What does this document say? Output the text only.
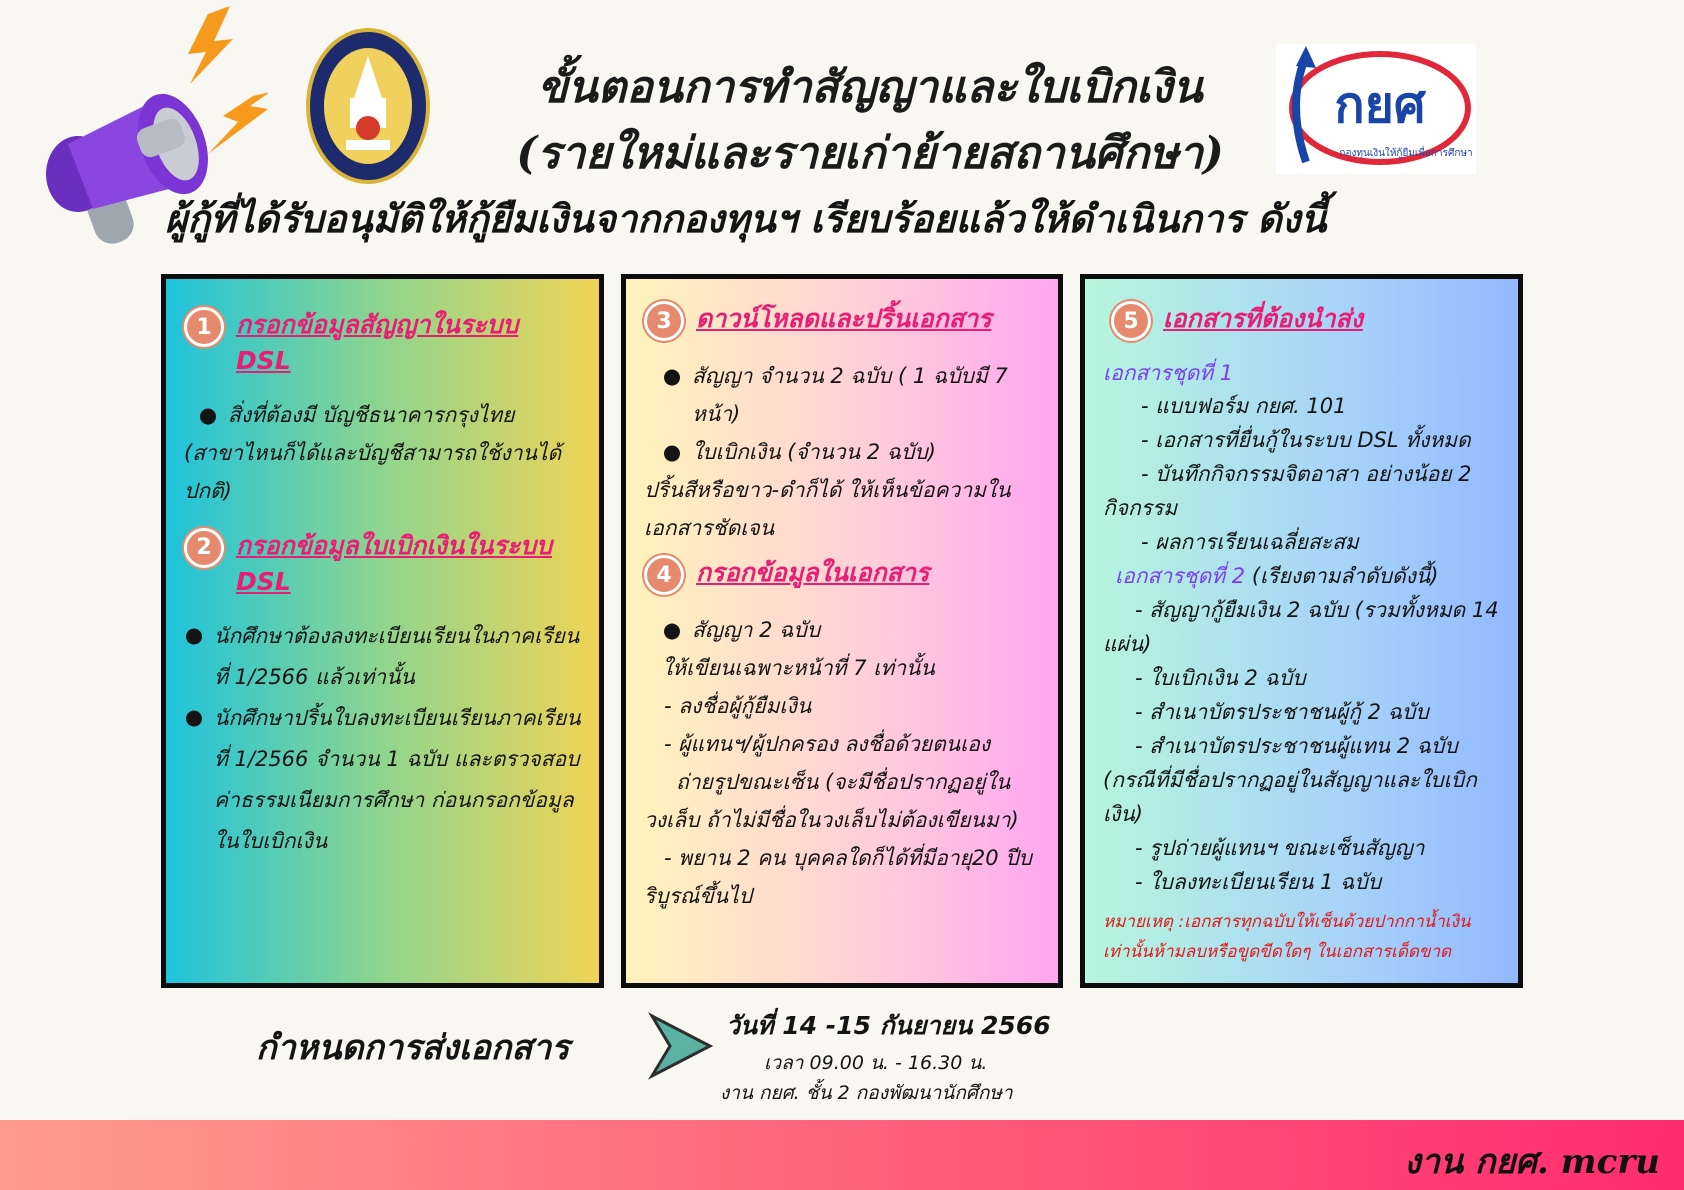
ขั้นตอนการทำสัญญาและใบเบิกเงิน
(รายใหม่และรายเก่าย้ายสถานศึกษา)
กยศ
กองทุนเงินให้กู้ยืมเพื่อการศึกษา
ผู้กู้ที่ได้รับอนุมัติให้กู้ยืมเงินจากกองทุนฯ เรียบร้อยแล้วให้ดำเนินการ ดังนี้
1 กรอกข้อมูลสัญญาในระบบ DSL
● สิ่งที่ต้องมี บัญชีธนาคารกรุงไทย

(สาขาไหนก็ได้และบัญชีสามารถใช้งานได้ปกติ)

2 กรอกข้อมูลใบเบิกเงินในระบบ DSL
● นักศึกษาต้องลงทะเบียนเรียนในภาคเรียนที่ 1/2566 แล้วเท่านั้น
● นักศึกษาปริ้นใบลงทะเบียนเรียนภาคเรียนที่ 1/2566 จำนวน 1 ฉบับ และตรวจสอบค่าธรรมเนียมการศึกษา ก่อนกรอกข้อมูลในใบเบิกเงิน
3 ดาวน์โหลดและปริ้นเอกสาร
● สัญญา จำนวน 2 ฉบับ ( 1 ฉบับมี 7 หน้า)
● ใบเบิกเงิน (จำนวน 2 ฉบับ)

ปริ้นสีหรือขาว-ดำก็ได้ ให้เห็นข้อความในเอกสารชัดเจน

4 กรอกข้อมูลในเอกสาร
● สัญญา 2 ฉบับ

ให้เขียนเฉพาะหน้าที่ 7 เท่านั้น

- ลงชื่อผู้กู้ยืมเงิน

- ผู้แทนฯ/ผู้ปกครอง ลงชื่อด้วยตนเอง

ถ่ายรูปขณะเซ็น (จะมีชื่อปรากฏอยู่ในวงเล็บ ถ้าไม่มีชื่อในวงเล็บไม่ต้องเขียนมา)

- พยาน 2 คน บุคคลใดก็ได้ที่มีอายุ20 ปีบริบูรณ์ขึ้นไป

5 เอกสารที่ต้องนำส่ง
เอกสารชุดที่ 1
- แบบฟอร์ม กยศ. 101
- เอกสารที่ยื่นกู้ในระบบ DSL ทั้งหมด
- บันทึกกิจกรรมจิตอาสา อย่างน้อย 2 กิจกรรม
- ผลการเรียนเฉลี่ยสะสม
เอกสารชุดที่ 2 (เรียงตามลำดับดังนี้)
- สัญญากู้ยืมเงิน 2 ฉบับ (รวมทั้งหมด 14 แผ่น)
- ใบเบิกเงิน 2 ฉบับ
- สำเนาบัตรประชาชนผู้กู้ 2 ฉบับ
- สำเนาบัตรประชาชนผู้แทน 2 ฉบับ (กรณีที่มีชื่อปรากฏอยู่ในสัญญาและใบเบิกเงิน)
- รูปถ่ายผู้แทนฯ ขณะเซ็นสัญญา
- ใบลงทะเบียนเรียน 1 ฉบับ
หมายเหตุ :เอกสารทุกฉบับให้เซ็นด้วยปากกาน้ำเงิน เท่านั้นห้ามลบหรือขูดขีดใดๆ ในเอกสารเด็ดขาด
กำหนดการส่งเอกสาร
วันที่ 14 -15 กันยายน 2566
เวลา 09.00 น. - 16.30 น.
งาน กยศ. ชั้น 2 กองพัฒนานักศึกษา
งาน กยศ. mcru
